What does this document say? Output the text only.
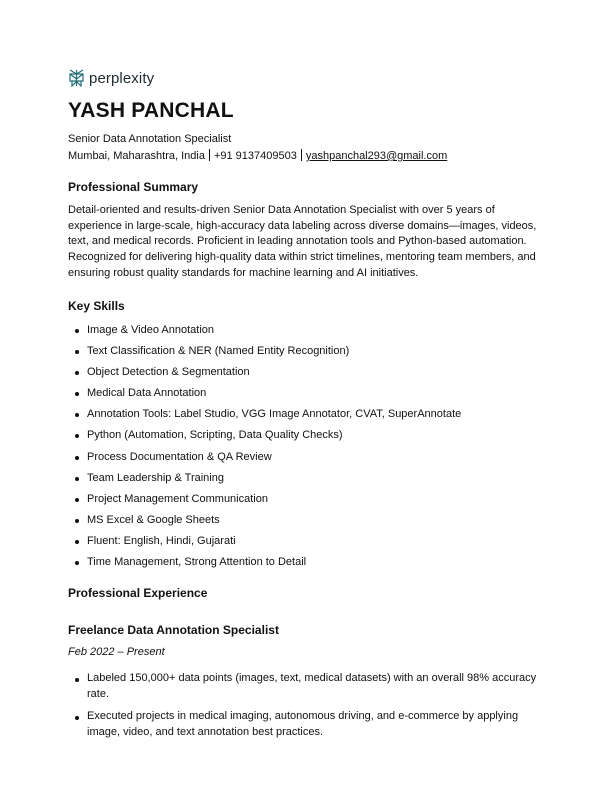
perplexity
YASH PANCHAL
Senior Data Annotation Specialist
Mumbai, Maharashtra, India +91 9137409503 yashpanchal293@gmail.com
Professional Summary
Detail-oriented and results-driven Senior Data Annotation Specialist with over 5 years of experience in large-scale, high-accuracy data labeling across diverse domains—images, videos, text, and medical records. Proficient in leading annotation tools and Python-based automation. Recognized for delivering high-quality data within strict timelines, mentoring team members, and ensuring robust quality standards for machine learning and AI initiatives.
Key Skills
Image & Video Annotation
Text Classification & NER (Named Entity Recognition)
Object Detection & Segmentation
Medical Data Annotation
Annotation Tools: Label Studio, VGG Image Annotator, CVAT, SuperAnnotate
Python (Automation, Scripting, Data Quality Checks)
Process Documentation & QA Review
Team Leadership & Training
Project Management Communication
MS Excel & Google Sheets
Fluent: English, Hindi, Gujarati
Time Management, Strong Attention to Detail
Professional Experience
Freelance Data Annotation Specialist
Feb 2022 – Present
Labeled 150,000+ data points (images, text, medical datasets) with an overall 98% accuracy rate.
Executed projects in medical imaging, autonomous driving, and e-commerce by applying image, video, and text annotation best practices.
